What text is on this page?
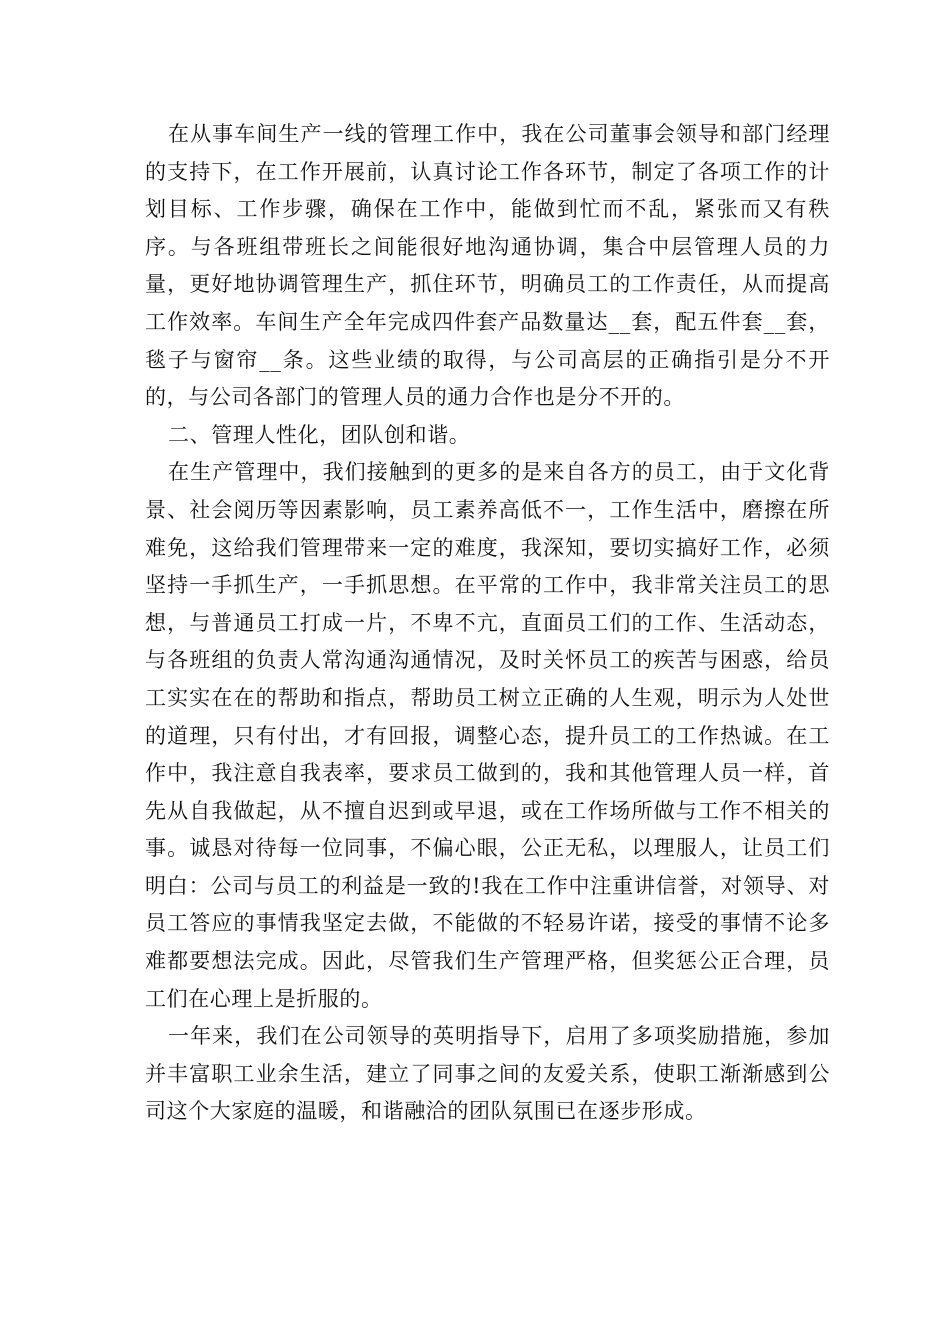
在从事车间生产一线的管理工作中，我在公司董事会领导和部门经理的支持下，在工作开展前，认真讨论工作各环节，制定了各项工作的计划目标、工作步骤，确保在工作中，能做到忙而不乱，紧张而又有秩序。与各班组带班长之间能很好地沟通协调，集合中层管理人员的力量，更好地协调管理生产，抓住环节，明确员工的工作责任，从而提高工作效率。车间生产全年完成四件套产品数量达__套，配五件套__套，毯子与窗帘__条。这些业绩的取得，与公司高层的正确指引是分不开的，与公司各部门的管理人员的通力合作也是分不开的。

二、管理人性化，团队创和谐。

在生产管理中，我们接触到的更多的是来自各方的员工，由于文化背景、社会阅历等因素影响，员工素养高低不一，工作生活中，磨擦在所难免，这给我们管理带来一定的难度，我深知，要切实搞好工作，必须坚持一手抓生产，一手抓思想。在平常的工作中，我非常关注员工的思想，与普通员工打成一片，不卑不亢，直面员工们的工作、生活动态，与各班组的负责人常沟通沟通情况，及时关怀员工的疾苦与困惑，给员工实实在在的帮助和指点，帮助员工树立正确的人生观，明示为人处世的道理，只有付出，才有回报，调整心态，提升员工的工作热诚。在工作中，我注意自我表率，要求员工做到的，我和其他管理人员一样，首先从自我做起，从不擅自迟到或早退，或在工作场所做与工作不相关的事。诚恳对待每一位同事，不偏心眼，公正无私，以理服人，让员工们明白：公司与员工的利益是一致的!我在工作中注重讲信誉，对领导、对员工答应的事情我坚定去做，不能做的不轻易许诺，接受的事情不论多难都要想法完成。因此，尽管我们生产管理严格，但奖惩公正合理，员工们在心理上是折服的。

一年来，我们在公司领导的英明指导下，启用了多项奖励措施，参加并丰富职工业余生活，建立了同事之间的友爱关系，使职工渐渐感到公司这个大家庭的温暖，和谐融洽的团队氛围已在逐步形成。
